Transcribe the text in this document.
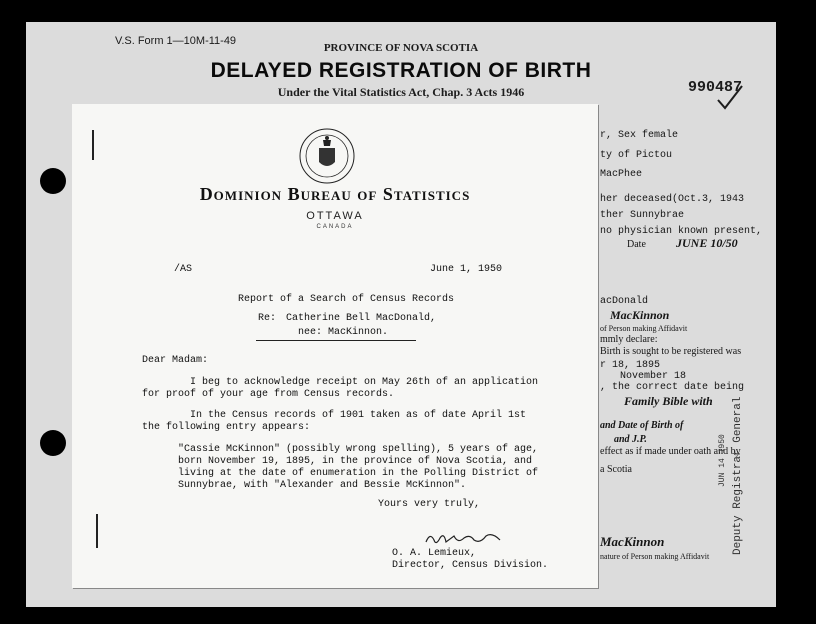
V.S. Form 1—10M-11-49
PROVINCE OF NOVA SCOTIA
DELAYED REGISTRATION OF BIRTH
Under the Vital Statistics Act, Chap. 3 Acts 1946	990487
r, Sex female
ty of Pictou
MacPhee
her deceased(Oct.3, 1943
ther Sunnybrae
no physician known present,
Date	JUNE 10/50
acDonald
MacKinnon
of Person making Affidavit
mmly declare:
Birth is sought to be registered was
r 18, 1895
November 18
, the correct date being
Family Bible with
and Date of Birth of
and J.P.
effect as if made under oath and by
a Scotia
MacKinnon
nature of Person making Affidavit
Deputy Registrar General
JUN 14 1950
Dominion Bureau of Statistics
OTTAWA
CANADA
/AS	June 1, 1950
Report of a Search of Census Records
Re: Catherine Bell MacDonald,
nee: MacKinnon.
Dear Madam:
I beg to acknowledge receipt on May 26th of an application
for proof of your age from Census records.
In the Census records of 1901 taken as of date April 1st
the following entry appears:
"Cassie McKinnon" (possibly wrong spelling), 5 years of age,
born November 19, 1895, in the province of Nova Scotia, and
living at the date of enumeration in the Polling District of
Sunnybrae, with "Alexander and Bessie McKinnon".
Yours very truly,
O. A. Lemieux,
Director, Census Division.
